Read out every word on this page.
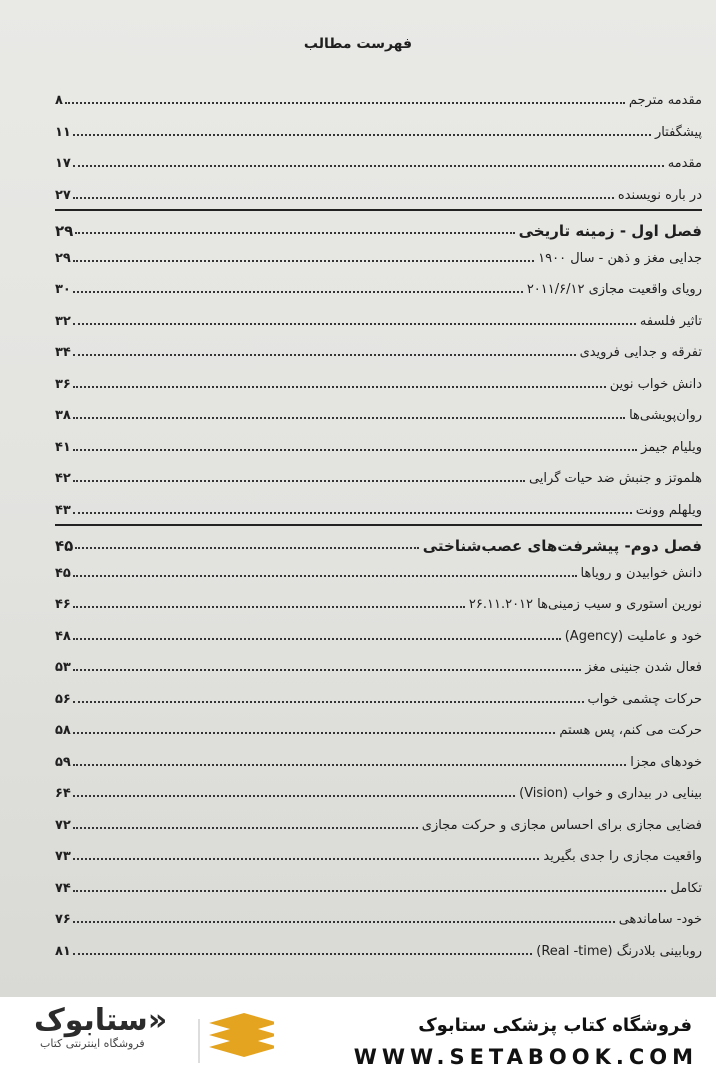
فهرست مطالب
مقدمه مترجم
۸
پیشگفتار
۱۱
مقدمه
۱۷
در باره نویسنده
۲۷
فصل اول - زمینه تاریخی
۲۹
جدایی مغز و ذهن - سال ۱۹۰۰
۲۹
رویای واقعیت مجازی ۲۰۱۱/۶/۱۲
۳۰
تاثیر فلسفه
۳۲
تفرقه و جدایی فرویدی
۳۴
دانش خواب نوین
۳۶
روان‌پویشی‌ها
۳۸
ویلیام جیمز
۴۱
هلموتز و جنبش ضد حیات گرایی
۴۲
ویلهلم وونت
۴۳
فصل دوم- پیشرفت‌های عصب‌شناختی
۴۵
دانش خوابیدن و رویاها
۴۵
نورین استوری و سیب زمینی‌ها ۲۶.۱۱.۲۰۱۲
۴۶
خود و عاملیت (Agency)
۴۸
فعال شدن جنینی مغز
۵۳
حرکات چشمی خواب
۵۶
حرکت می کنم، پس هستم
۵۸
خودهای مجزا
۵۹
بینایی در بیداری و خواب (Vision)
۶۴
فضایی مجازی برای احساس مجازی و حرکت مجازی
۷۲
واقعیت مجازی را جدی بگیرید
۷۳
تکامل
۷۴
خود- ساماندهی
۷۶
روبابینی بلادرنگ (Real -time)
۸۱
ستابوک»
فروشگاه اینترنتی کتاب
فروشگاه کتاب پزشکی ستابوک
WWW.SETABOOK.COM
